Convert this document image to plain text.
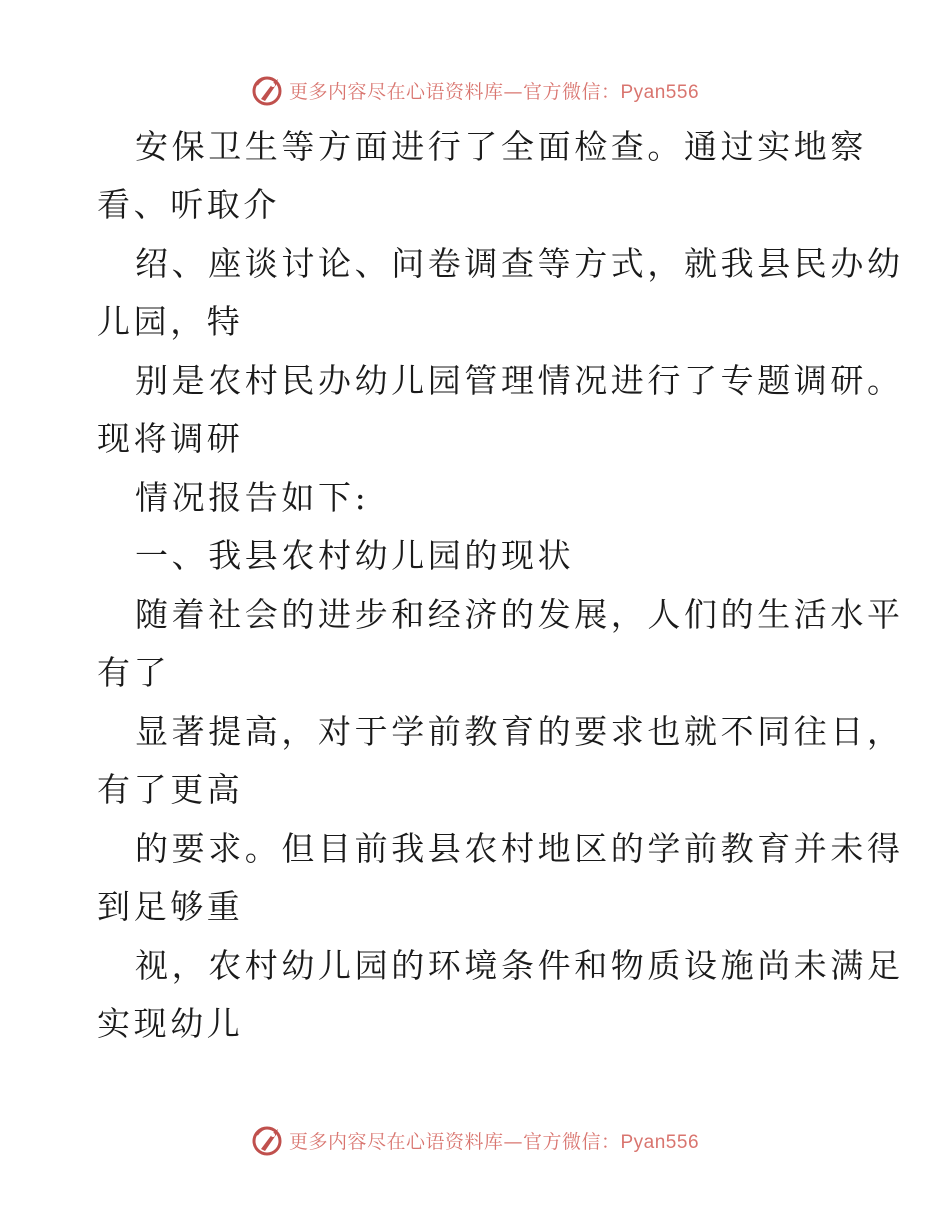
更多内容尽在心语资料库—官方微信：Pyan556
安保卫生等方面进行了全面检查。通过实地察
看、听取介
绍、座谈讨论、问卷调查等方式，就我县民办幼
儿园，特
别是农村民办幼儿园管理情况进行了专题调研。
现将调研
情况报告如下:
一、我县农村幼儿园的现状
随着社会的进步和经济的发展，人们的生活水平
有了
显著提高，对于学前教育的要求也就不同往日，
有了更高
的要求。但目前我县农村地区的学前教育并未得
到足够重
视，农村幼儿园的环境条件和物质设施尚未满足
实现幼儿
更多内容尽在心语资料库—官方微信：Pyan556
